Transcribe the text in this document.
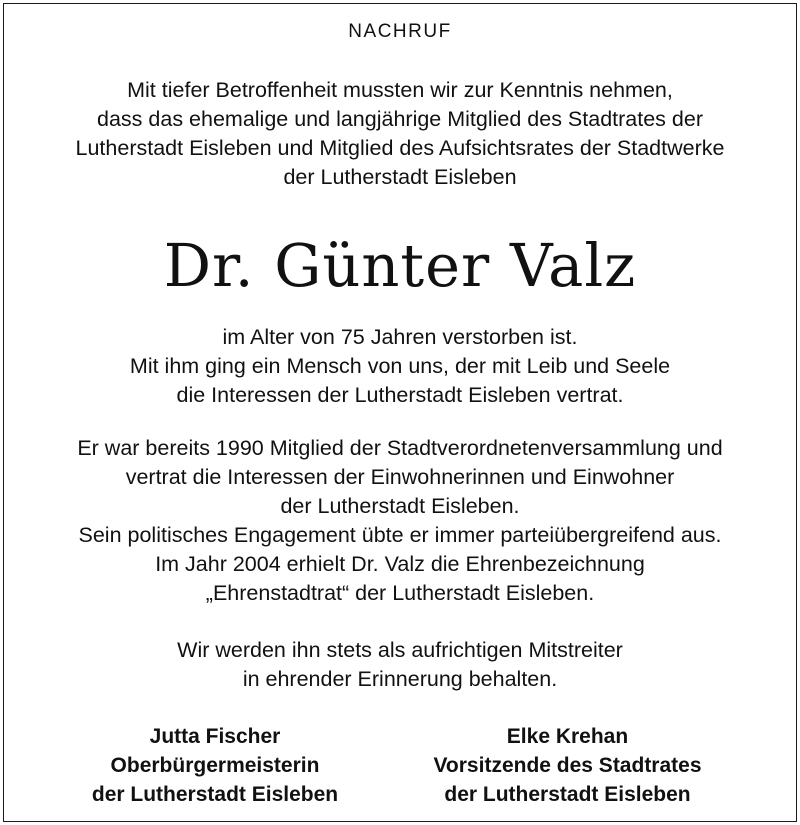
NACHRUF
Mit tiefer Betroffenheit mussten wir zur Kenntnis nehmen,
dass das ehemalige und langjährige Mitglied des Stadtrates der
Lutherstadt Eisleben und Mitglied des Aufsichtsrates der Stadtwerke
der Lutherstadt Eisleben
Dr. Günter Valz
im Alter von 75 Jahren verstorben ist.
Mit ihm ging ein Mensch von uns, der mit Leib und Seele
die Interessen der Lutherstadt Eisleben vertrat.
Er war bereits 1990 Mitglied der Stadtverordnetenversammlung und
vertrat die Interessen der Einwohnerinnen und Einwohner
der Lutherstadt Eisleben.
Sein politisches Engagement übte er immer parteiübergreifend aus.
Im Jahr 2004 erhielt Dr. Valz die Ehrenbezeichnung
„Ehrenstadtrat“ der Lutherstadt Eisleben.
Wir werden ihn stets als aufrichtigen Mitstreiter
in ehrender Erinnerung behalten.
Jutta Fischer
Oberbürgermeisterin
der Lutherstadt Eisleben
Elke Krehan
Vorsitzende des Stadtrates
der Lutherstadt Eisleben
